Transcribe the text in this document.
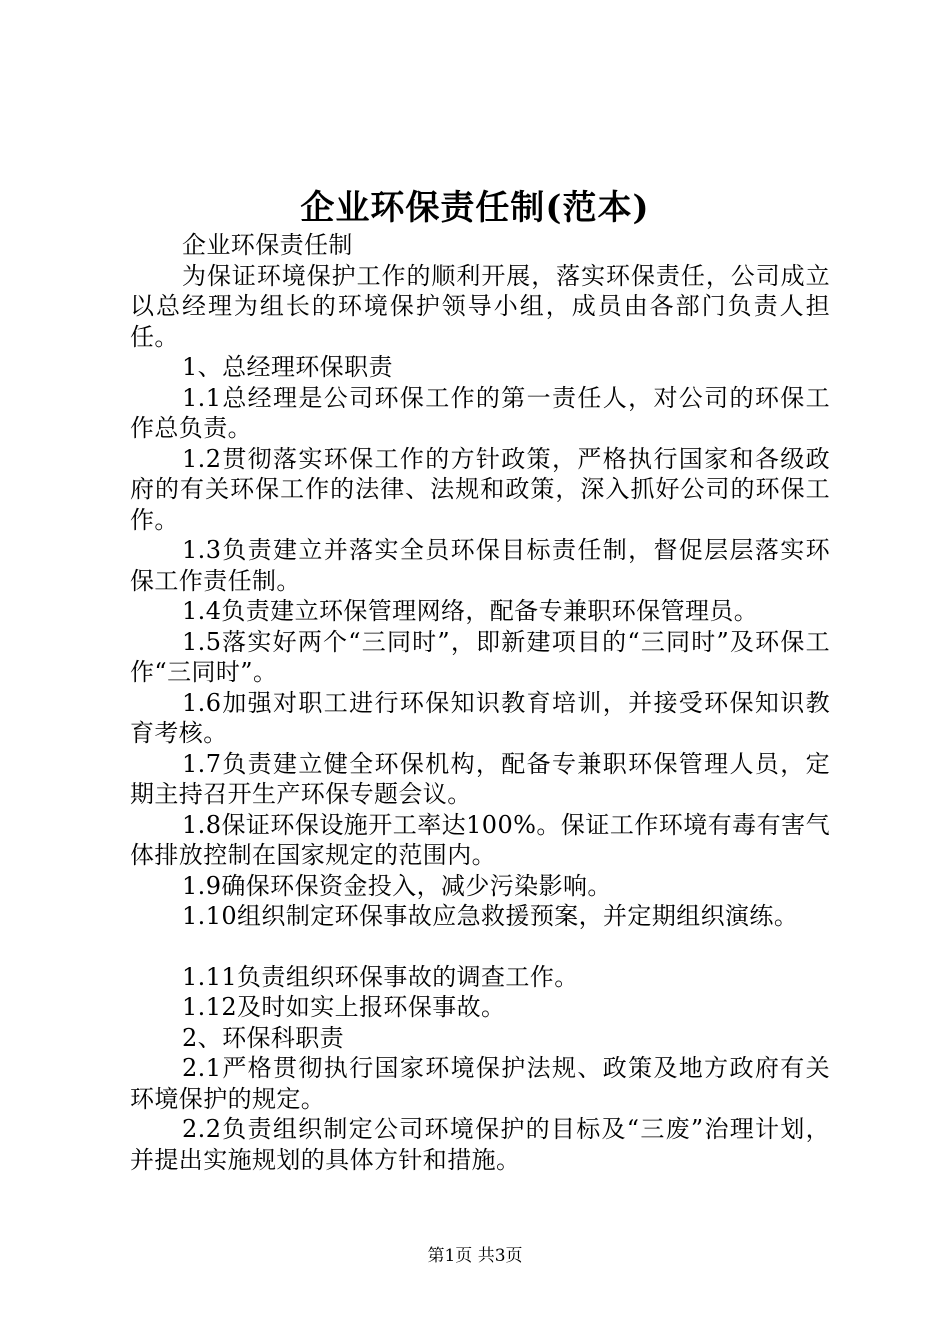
企业环保责任制(范本)

企业环保责任制

为保证环境保护工作的顺利开展，落实环保责任，公司成立以总经理为组长的环境保护领导小组，成员由各部门负责人担任。

1、总经理环保职责

1.1总经理是公司环保工作的第一责任人，对公司的环保工作总负责。

1.2贯彻落实环保工作的方针政策，严格执行国家和各级政府的有关环保工作的法律、法规和政策，深入抓好公司的环保工作。

1.3负责建立并落实全员环保目标责任制，督促层层落实环保工作责任制。

1.4负责建立环保管理网络，配备专兼职环保管理员。

1.5落实好两个“三同时”，即新建项目的“三同时”及环保工作“三同时”。

1.6加强对职工进行环保知识教育培训，并接受环保知识教育考核。

1.7负责建立健全环保机构，配备专兼职环保管理人员，定期主持召开生产环保专题会议。

1.8保证环保设施开工率达100%。保证工作环境有毒有害气体排放控制在国家规定的范围内。

1.9确保环保资金投入，减少污染影响。

1.10组织制定环保事故应急救援预案，并定期组织演练。

1.11负责组织环保事故的调查工作。

1.12及时如实上报环保事故。

2、环保科职责

2.1严格贯彻执行国家环境保护法规、政策及地方政府有关环境保护的规定。

2.2负责组织制定公司环境保护的目标及“三废”治理计划，并提出实施规划的具体方针和措施。

第1页 共3页
